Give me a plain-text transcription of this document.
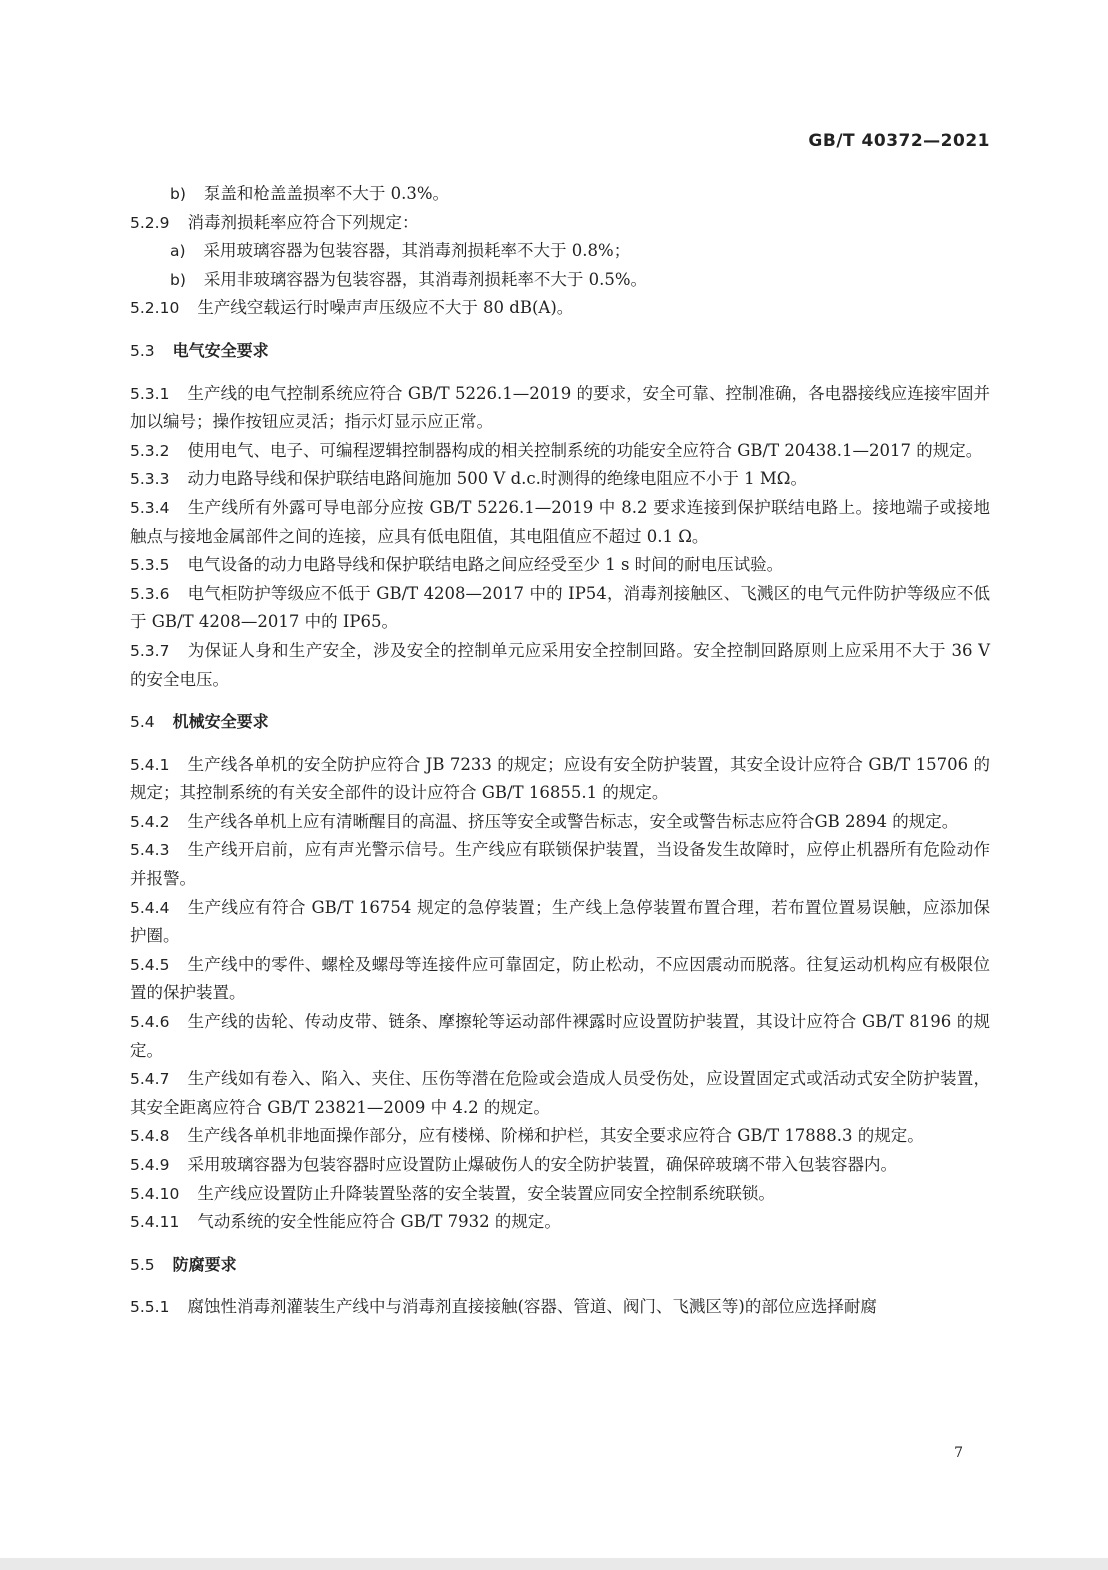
GB/T 40372—2021

b) 泵盖和枪盖盖损率不大于 0.3%。

5.2.9 消毒剂损耗率应符合下列规定：

a) 采用玻璃容器为包装容器，其消毒剂损耗率不大于 0.8%；

b) 采用非玻璃容器为包装容器，其消毒剂损耗率不大于 0.5%。

5.2.10 生产线空载运行时噪声声压级应不大于 80 dB(A)。

5.3 电气安全要求

5.3.1 生产线的电气控制系统应符合 GB/T 5226.1—2019 的要求，安全可靠、控制准确，各电器接线应连接牢固并加以编号；操作按钮应灵活；指示灯显示应正常。

5.3.2 使用电气、电子、可编程逻辑控制器构成的相关控制系统的功能安全应符合 GB/T 20438.1—2017 的规定。

5.3.3 动力电路导线和保护联结电路间施加 500 V d.c.时测得的绝缘电阻应不小于 1 MΩ。

5.3.4 生产线所有外露可导电部分应按 GB/T 5226.1—2019 中 8.2 要求连接到保护联结电路上。接地端子或接地触点与接地金属部件之间的连接，应具有低电阻值，其电阻值应不超过 0.1 Ω。

5.3.5 电气设备的动力电路导线和保护联结电路之间应经受至少 1 s 时间的耐电压试验。

5.3.6 电气柜防护等级应不低于 GB/T 4208—2017 中的 IP54，消毒剂接触区、飞溅区的电气元件防护等级应不低于 GB/T 4208—2017 中的 IP65。

5.3.7 为保证人身和生产安全，涉及安全的控制单元应采用安全控制回路。安全控制回路原则上应采用不大于 36 V 的安全电压。

5.4 机械安全要求

5.4.1 生产线各单机的安全防护应符合 JB 7233 的规定；应设有安全防护装置，其安全设计应符合 GB/T 15706 的规定；其控制系统的有关安全部件的设计应符合 GB/T 16855.1 的规定。

5.4.2 生产线各单机上应有清晰醒目的高温、挤压等安全或警告标志，安全或警告标志应符合GB 2894 的规定。

5.4.3 生产线开启前，应有声光警示信号。生产线应有联锁保护装置，当设备发生故障时，应停止机器所有危险动作并报警。

5.4.4 生产线应有符合 GB/T 16754 规定的急停装置；生产线上急停装置布置合理，若布置位置易误触，应添加保护圈。

5.4.5 生产线中的零件、螺栓及螺母等连接件应可靠固定，防止松动，不应因震动而脱落。往复运动机构应有极限位置的保护装置。

5.4.6 生产线的齿轮、传动皮带、链条、摩擦轮等运动部件裸露时应设置防护装置，其设计应符合 GB/T 8196 的规定。

5.4.7 生产线如有卷入、陷入、夹住、压伤等潜在危险或会造成人员受伤处，应设置固定式或活动式安全防护装置，其安全距离应符合 GB/T 23821—2009 中 4.2 的规定。

5.4.8 生产线各单机非地面操作部分，应有楼梯、阶梯和护栏，其安全要求应符合 GB/T 17888.3 的规定。

5.4.9 采用玻璃容器为包装容器时应设置防止爆破伤人的安全防护装置，确保碎玻璃不带入包装容器内。

5.4.10 生产线应设置防止升降装置坠落的安全装置，安全装置应同安全控制系统联锁。

5.4.11 气动系统的安全性能应符合 GB/T 7932 的规定。

5.5 防腐要求

5.5.1 腐蚀性消毒剂灌装生产线中与消毒剂直接接触(容器、管道、阀门、飞溅区等)的部位应选择耐腐

7
